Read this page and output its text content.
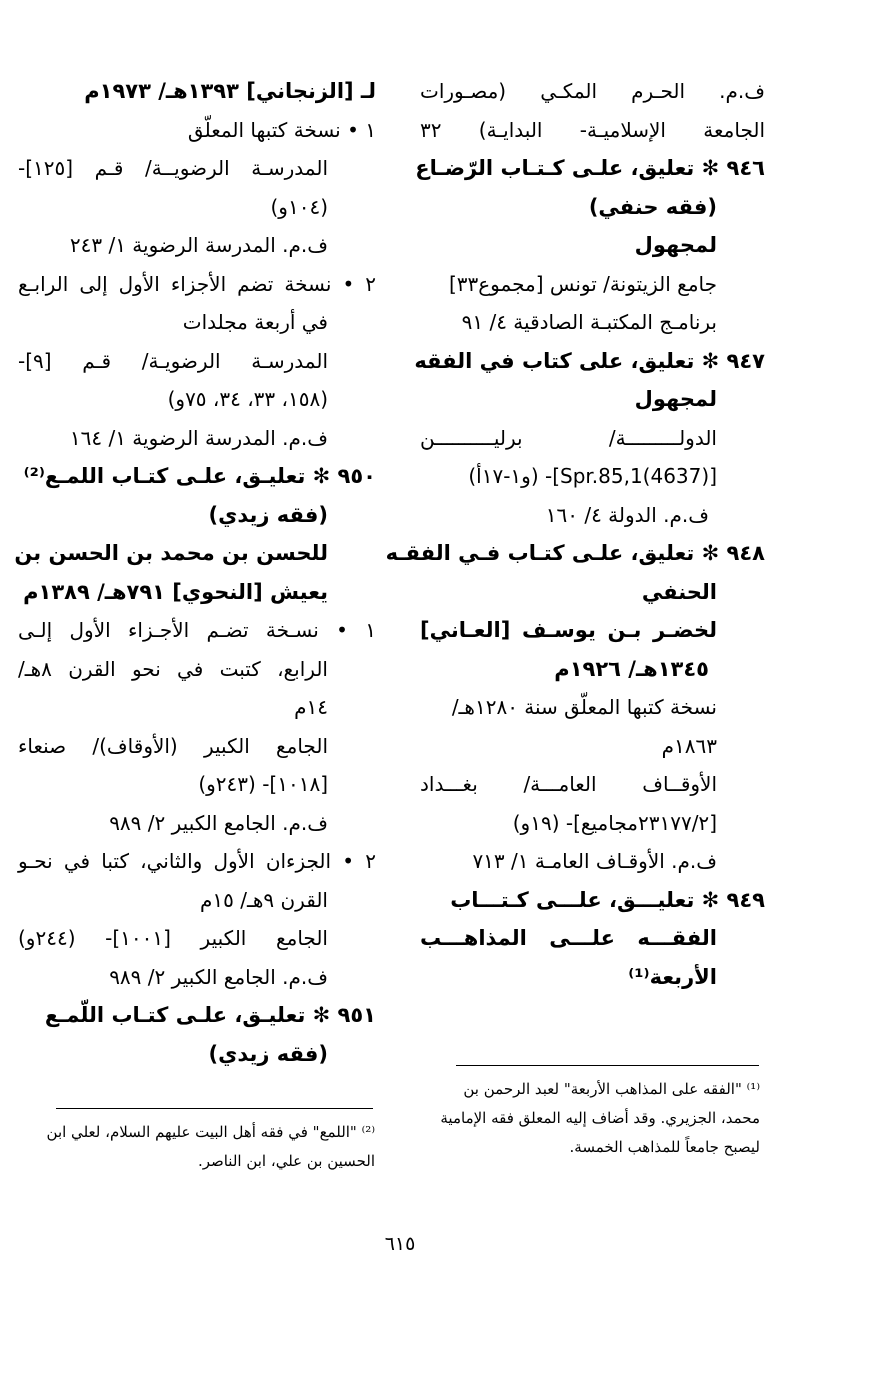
ف.م. الحـرم المكـي (مصـورات
الجامعة الإسلاميـة- البدايـة) ٣٢
٩٤٦ ✻ تعليق، علـى كـتـاب الرّضـاع
(فقه حنفي)
لمجهول
جامع الزيتونة/ تونس [مجموع٣٣]
برنامـج المكتبـة الصادقية ٤/ ٩١
٩٤٧ ✻ تعليق، على كتاب في الفقه
لمجهول
الدولـــــــــة/ برليــــــــــن
[(4637)Spr.85,1]- (و١-١٧أ)
ف.م. الدولة ٤/ ١٦٠
٩٤٨ ✻ تعليق، علـى كتـاب فـي الفقـه
الحنفي
لخضـر بـن يوسـف [العـاني]
١٣٤٥هـ/ ١٩٢٦م
نسخة كتبها المعلّق سنة ١٢٨٠هـ/
١٨٦٣م
الأوقــاف العامـــة/ بغـــداد
[٢٣١٧٧/٢مجاميع]- (١٩و)
ف.م. الأوقـاف العامـة ١/ ٧١٣
٩٤٩ ✻ تعليـــق، علـــى كـتـــاب
الفقـــه علـــى المذاهـــب
الأربعة⁽¹⁾
لـ [الزنجاني] ١٣٩٣هـ/ ١٩٧٣م
١ • نسخة كتبها المعلّق
المدرسـة الرضويــة/ قـم [١٢٥]-
(١٠٤و)
ف.م. المدرسة الرضوية ١/ ٢٤٣
٢ • نسخة تضم الأجزاء الأول إلى الرابـع
في أربعة مجلدات
المدرسـة الرضويـة/ قـم [٩]-
(١٥٨، ٣٣، ٣٤، ٧٥و)
ف.م. المدرسة الرضوية ١/ ١٦٤
٩٥٠ ✻ تعليـق، علـى كتـاب اللمـع⁽²⁾
(فقه زيدي)
للحسن بن محمد بن الحسن بن
يعيش [النحوي] ٧٩١هـ/ ١٣٨٩م
١ • نسـخة تضـم الأجـزاء الأول إلـى
الرابع، كتبت في نحو القرن ٨هـ/
١٤م
الجامع الكبير (الأوقاف)/ صنعاء
[١٠١٨]- (٢٤٣و)
ف.م. الجامع الكبير ٢/ ٩٨٩
٢ • الجزءان الأول والثاني، كتبا في نحـو
القرن ٩هـ/ ١٥م
الجامع الكبير [١٠٠١]- (٢٤٤و)
ف.م. الجامع الكبير ٢/ ٩٨٩
٩٥١ ✻ تعليـق، علـى كتـاب اللّمـع
(فقه زيدي)
⁽¹⁾ "الفقه على المذاهب الأربعة" لعبد الرحمن بن محمد، الجزيري. وقد أضاف إليه المعلق فقه الإمامية ليصبح جامعاً للمذاهب الخمسة.
⁽²⁾ "اللمع" في فقه أهل البيت عليهم السلام، لعلي ابن الحسين بن علي، ابن الناصر.
٦١٥
